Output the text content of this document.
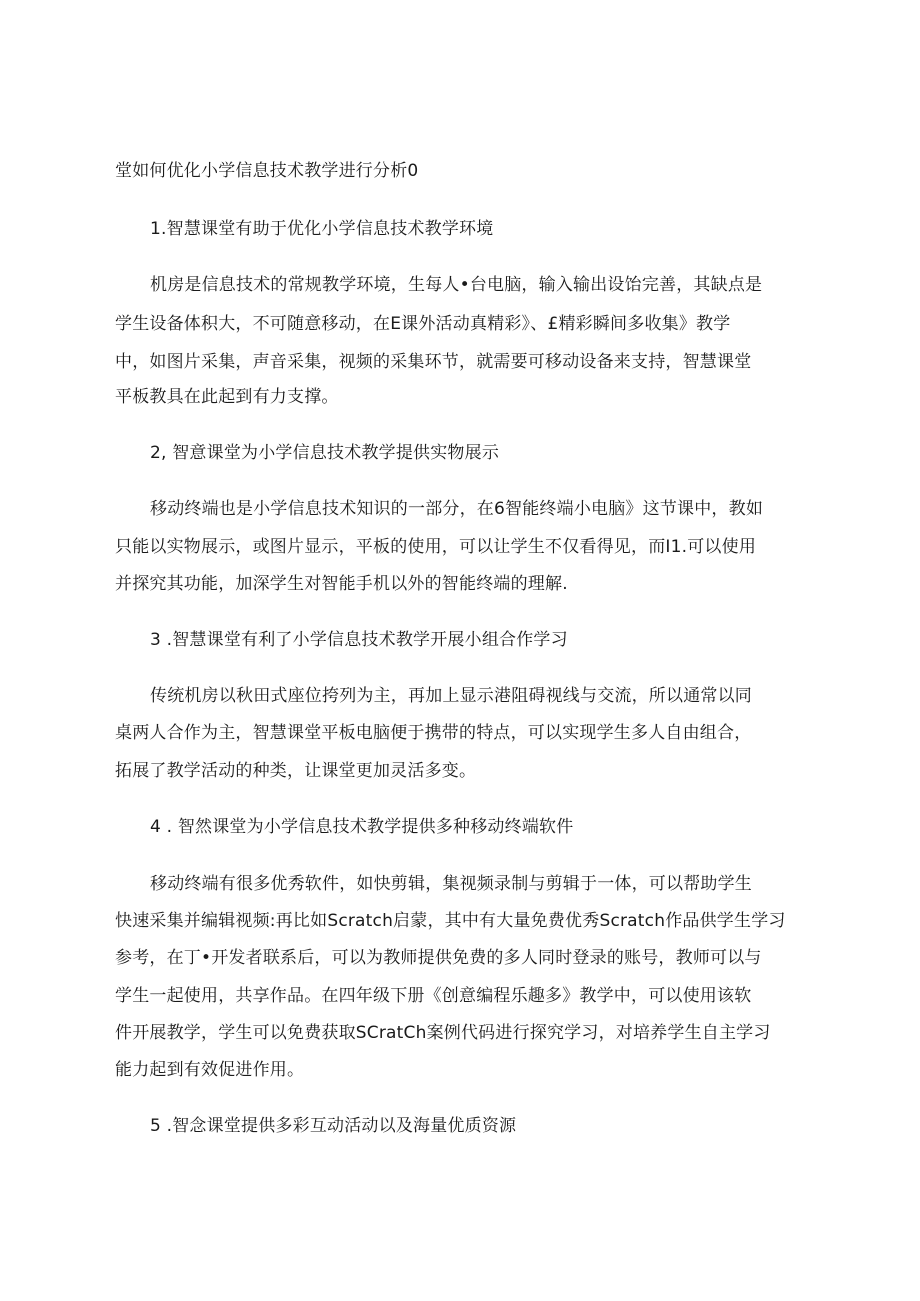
堂如何优化小学信息技术教学进行分析0
1.智慧课堂有助于优化小学信息技术教学环境
机房是信息技术的常规教学环境，生每人•台电脑，输入输出设饴完善，其缺点是
学生设备体积大，不可随意移动，在E课外活动真精彩》、£精彩瞬间多收集》教学
中，如图片采集，声音采集，视频的采集环节，就需要可移动设备来支持，智慧课堂
平板教具在此起到有力支撑。
2, 智意课堂为小学信息技术教学提供实物展示
移动终端也是小学信息技术知识的一部分，在6智能终端小电脑》这节课中，教如
只能以实物展示，或图片显示，平板的使用，可以让学生不仅看得见，而I1.可以使用
并探究其功能，加深学生对智能手机以外的智能终端的理解.
3 .智慧课堂有利了小学信息技术教学开展小组合作学习
传统机房以秋田式座位挎列为主，再加上显示港阻碍视线与交流，所以通常以同
桌两人合作为主，智慧课堂平板电脑便于携带的特点，可以实现学生多人自由组合，
拓展了教学活动的种类，让课堂更加灵活多变。
4 . 智然课堂为小学信息技术教学提供多种移动终端软件
移动终端有很多优秀软件，如快剪辑，集视频录制与剪辑于一体，可以帮助学生
快速采集并编辑视频:再比如Scratch启蒙，其中有大量免费优秀Scratch作品供学生学习
参考，在丁•开发者联系后，可以为教师提供免费的多人同时登录的账号，教师可以与
学生一起使用，共享作品。在四年级下册《创意编程乐趣多》教学中，可以使用该软
件开展教学，学生可以免费获取SCratCh案例代码进行探究学习，对培养学生自主学习
能力起到有效促进作用。
5 .智念课堂提供多彩互动活动以及海量优质资源
